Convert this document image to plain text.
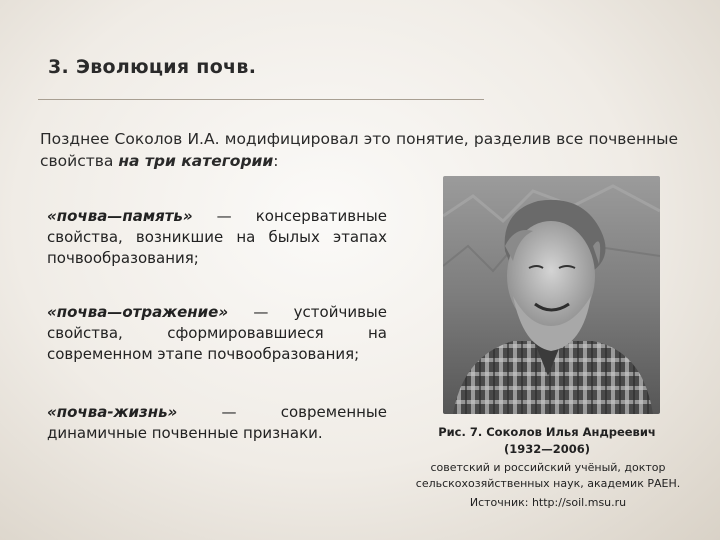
3. Эволюция почв.
Позднее Соколов И.А. модифицировал это понятие, разделив все почвенные свойства на три категории:
«почва—память» — консервативные свойства, возникшие на былых этапах почвообразования;
«почва—отражение» — устойчивые свойства, сформировавшиеся на современном этапе почвообразования;
«почва-жизнь» — современные динамичные почвенные признаки.	Рис. 7. Соколов Илья Андреевич
(1932—2006)
советский и российский учёный, доктор
сельскохозяйственных наук, академик РАЕН.
Источник: http://soil.msu.ru
